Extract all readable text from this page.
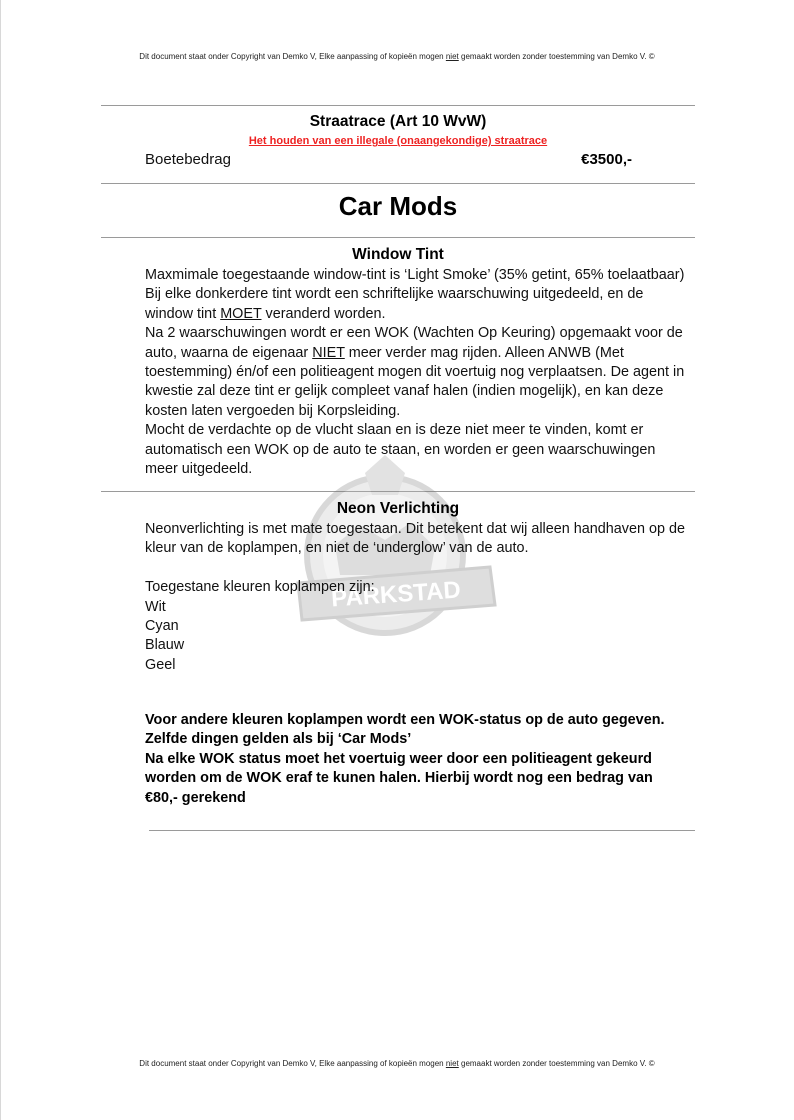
Dit document staat onder Copyright van Demko V, Elke aanpassing of kopieën mogen niet gemaakt worden zonder toestemming van Demko V. ©
Straatrace (Art 10 WvW)
Het houden van een illegale (onaangekondige) straatrace
Boetebedrag	€3500,-
Car Mods
Window Tint
Maxmimale toegestaande window-tint is ‘Light Smoke’ (35% getint, 65% toelaatbaar)
Bij elke donkerdere tint wordt een schriftelijke waarschuwing uitgedeeld, en de
window tint MOET veranderd worden.
Na 2 waarschuwingen wordt er een WOK (Wachten Op Keuring) opgemaakt voor de
auto, waarna de eigenaar NIET meer verder mag rijden. Alleen ANWB (Met
toestemming) én/of een politieagent mogen dit voertuig nog verplaatsen. De agent in
kwestie zal deze tint er gelijk compleet vanaf halen (indien mogelijk), en kan deze
kosten laten vergoeden bij Korpsleiding.
Mocht de verdachte op de vlucht slaan en is deze niet meer te vinden, komt er
automatisch een WOK op de auto te staan, en worden er geen waarschuwingen
meer uitgedeeld.
PARKSTAD
Neon Verlichting
Neonverlichting is met mate toegestaan. Dit betekent dat wij alleen handhaven op de
kleur van de koplampen, en niet de ‘underglow’ van de auto.
Toegestane kleuren koplampen zijn:
Wit
Cyan
Blauw
Geel
Voor andere kleuren koplampen wordt een WOK-status op de auto gegeven.
Zelfde dingen gelden als bij ‘Car Mods’
Na elke WOK status moet het voertuig weer door een politieagent gekeurd
worden om de WOK eraf te kunen halen. Hierbij wordt nog een bedrag van
€80,- gerekend
Dit document staat onder Copyright van Demko V, Elke aanpassing of kopieën mogen niet gemaakt worden zonder toestemming van Demko V. ©
